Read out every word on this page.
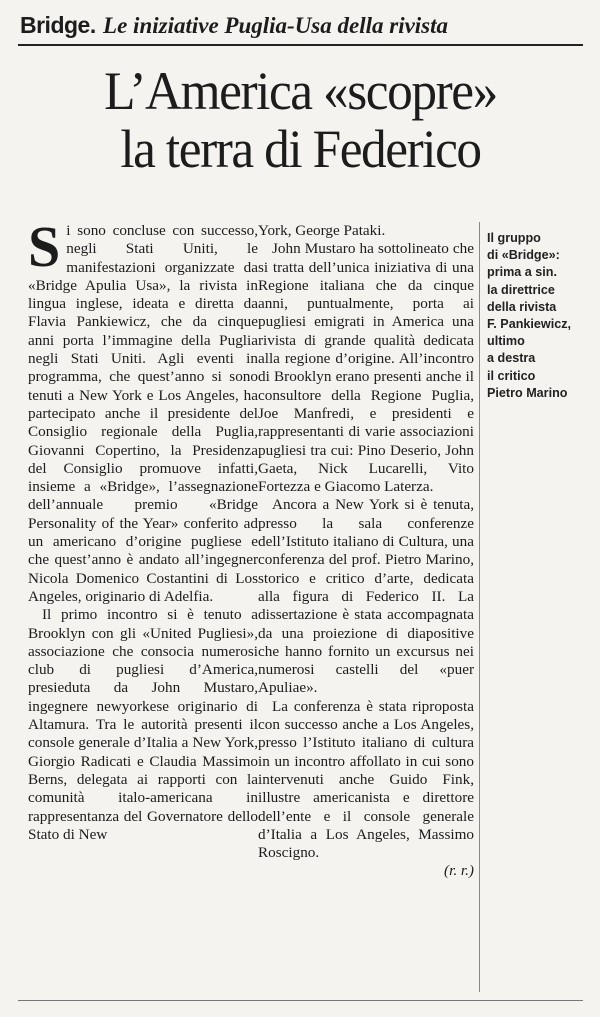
Bridge. Le iniziative Puglia-Usa della rivista
L’America «scopre»
la terra di Federico

Si sono concluse con successo, negli Stati Uniti, le manifestazioni organizzate da «Bridge Apulia Usa», la rivista in lingua inglese, ideata e diretta da Flavia Pankiewicz, che da cinque anni porta l’immagine della Puglia negli Stati Uniti. Agli eventi in programma, che quest’anno si sono tenuti a New York e Los Angeles, ha partecipato anche il presidente del Consiglio regionale della Puglia, Giovanni Copertino, la Presidenza del Consiglio promuove infatti, insieme a «Bridge», l’assegnazione dell’annuale premio «Bridge Personality of the Year» conferito ad un americano d’origine pugliese e che quest’anno è andato all’ingegner Nicola Domenico Costantini di Los Angeles, originario di Adelfia.

Il primo incontro si è tenuto a Brooklyn con gli «United Pugliesi», associazione che consocia numerosi club di pugliesi d’America, presieduta da John Mustaro, ingegnere newyorkese originario di Altamura. Tra le autorità presenti il console generale d’Italia a New York, Giorgio Radicati e Claudia Massimo Berns, delegata ai rapporti con la comunità italo-americana in rappresentanza del Governatore dello Stato di New

York, George Pataki.

John Mustaro ha sottolineato che si tratta dell’unica iniziativa di una Regione italiana che da cinque anni, puntualmente, porta ai pugliesi emigrati in America una rivista di grande qualità dedicata alla regione d’origine. All’incontro di Brooklyn erano presenti anche il consultore della Regione Puglia, Joe Manfredi, e presidenti e rappresentanti di varie associazioni pugliesi tra cui: Pino Deserio, John Gaeta, Nick Lucarelli, Vito Fortezza e Giacomo Laterza.

Ancora a New York si è tenuta, presso la sala conferenze dell’Istituto italiano di Cultura, una conferenza del prof. Pietro Marino, storico e critico d’arte, dedicata alla figura di Federico II. La dissertazione è stata accompagnata da una proiezione di diapositive che hanno fornito un excursus nei numerosi castelli del «puer Apuliae».

La conferenza è stata riproposta con successo anche a Los Angeles, presso l’Istituto italiano di cultura in un incontro affollato in cui sono intervenuti anche Guido Fink, illustre americanista e direttore dell’ente e il console generale d’Italia a Los Angeles, Massimo Roscigno.

(r. r.)
Il gruppo
di «Bridge»:
prima a sin.
la direttrice
della rivista
F. Pankiewicz,
ultimo
a destra
il critico
Pietro Marino
